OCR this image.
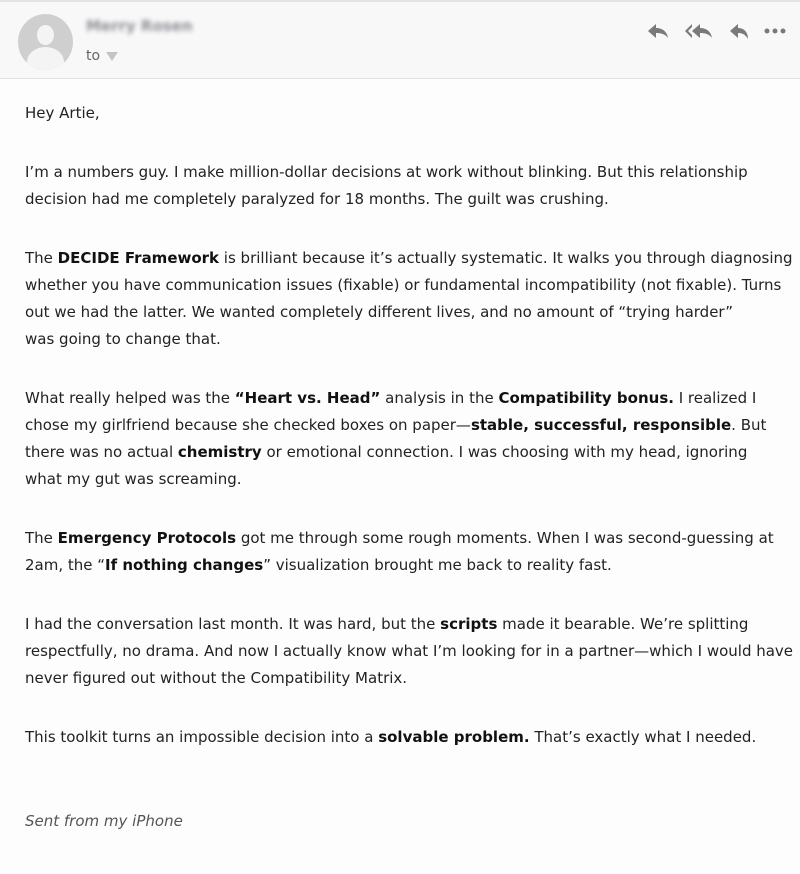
Merry Rosen
to
Hey Artie,
I’m a numbers guy. I make million-dollar decisions at work without blinking. But this relationship
decision had me completely paralyzed for 18 months. The guilt was crushing.
The DECIDE Framework is brilliant because it’s actually systematic. It walks you through diagnosing
whether you have communication issues (fixable) or fundamental incompatibility (not fixable). Turns
out we had the latter. We wanted completely different lives, and no amount of “trying harder”
was going to change that.
What really helped was the “Heart vs. Head” analysis in the Compatibility bonus. I realized I
chose my girlfriend because she checked boxes on paper—stable, successful, responsible. But
there was no actual chemistry or emotional connection. I was choosing with my head, ignoring
what my gut was screaming.
The Emergency Protocols got me through some rough moments. When I was second-guessing at
2am, the “If nothing changes” visualization brought me back to reality fast.
I had the conversation last month. It was hard, but the scripts made it bearable. We’re splitting
respectfully, no drama. And now I actually know what I’m looking for in a partner—which I would have
never figured out without the Compatibility Matrix.
This toolkit turns an impossible decision into a solvable problem. That’s exactly what I needed.
Sent from my iPhone
